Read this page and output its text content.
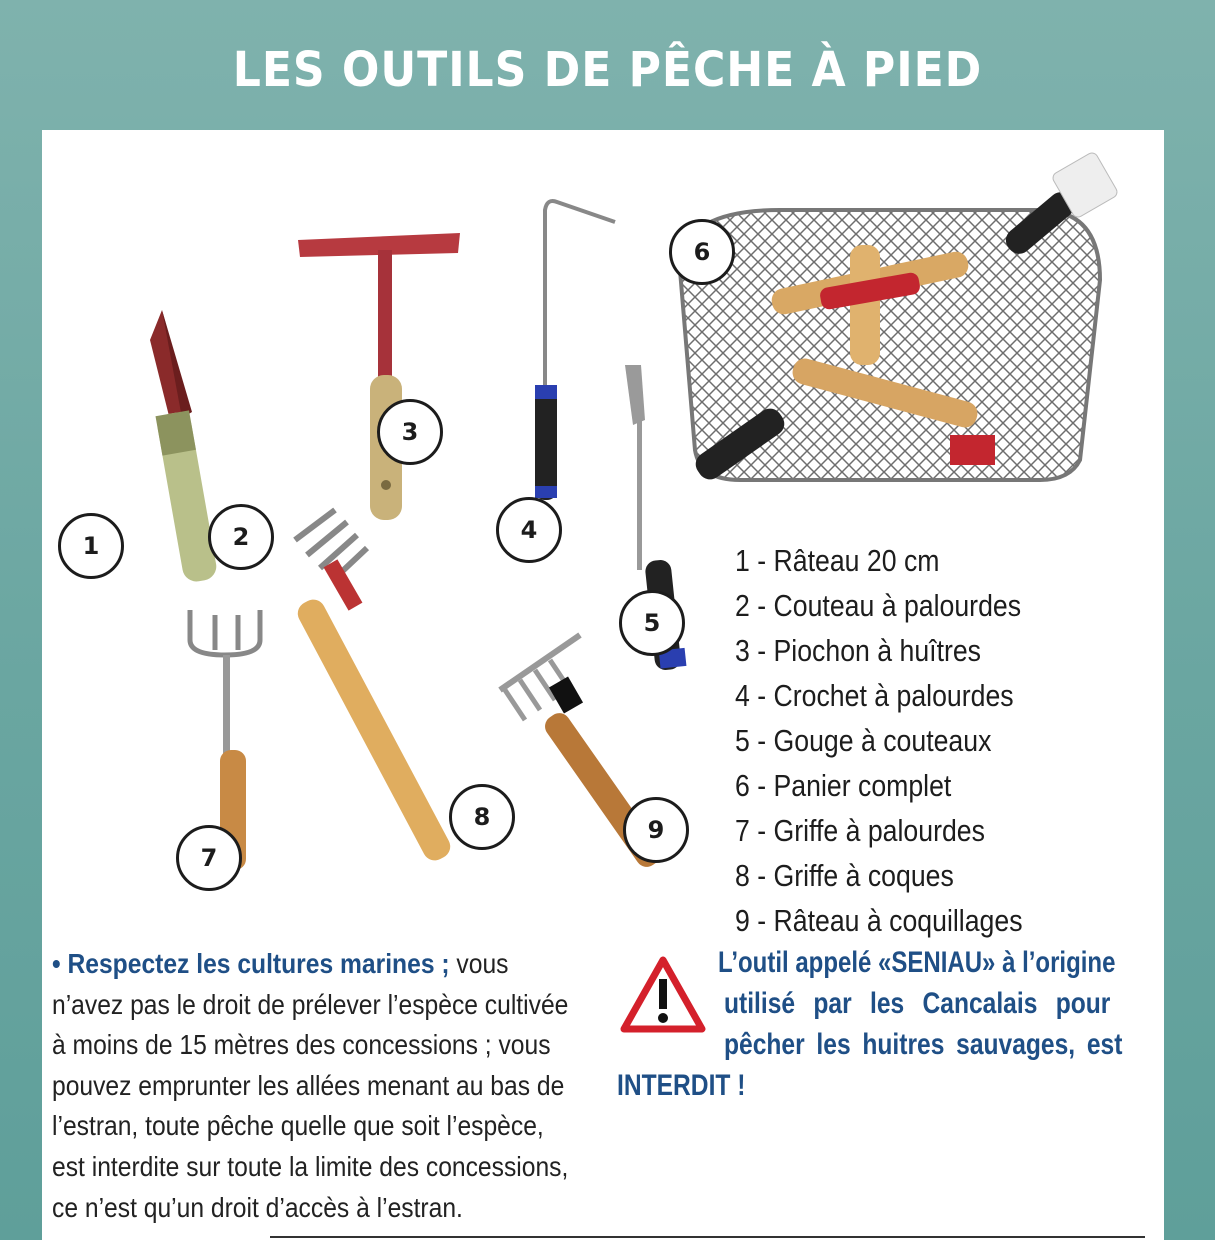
LES OUTILS DE PÊCHE À PIED
1	2
3
4
5
6
7
8	9
1 - Râteau 20 cm
2 - Couteau à palourdes
3 - Piochon à huîtres
4 - Crochet à palourdes
5 - Gouge à couteaux
6 - Panier complet
7 - Griffe à palourdes
8 - Griffe à coques
9 - Râteau à coquillages
• Respectez les cultures marines ; vous
n’avez pas le droit de prélever l’espèce cultivée
à moins de 15 mètres des concessions ; vous
pouvez emprunter les allées menant au bas de
l’estran, toute pêche quelle que soit l’espèce,
est interdite sur toute la limite des concessions,
ce n’est qu’un droit d’accès à l’estran.
L’outil appelé «SENIAU» à l’origine
utilisé par les Cancalais pour
pêcher les huitres sauvages, est
INTERDIT !
